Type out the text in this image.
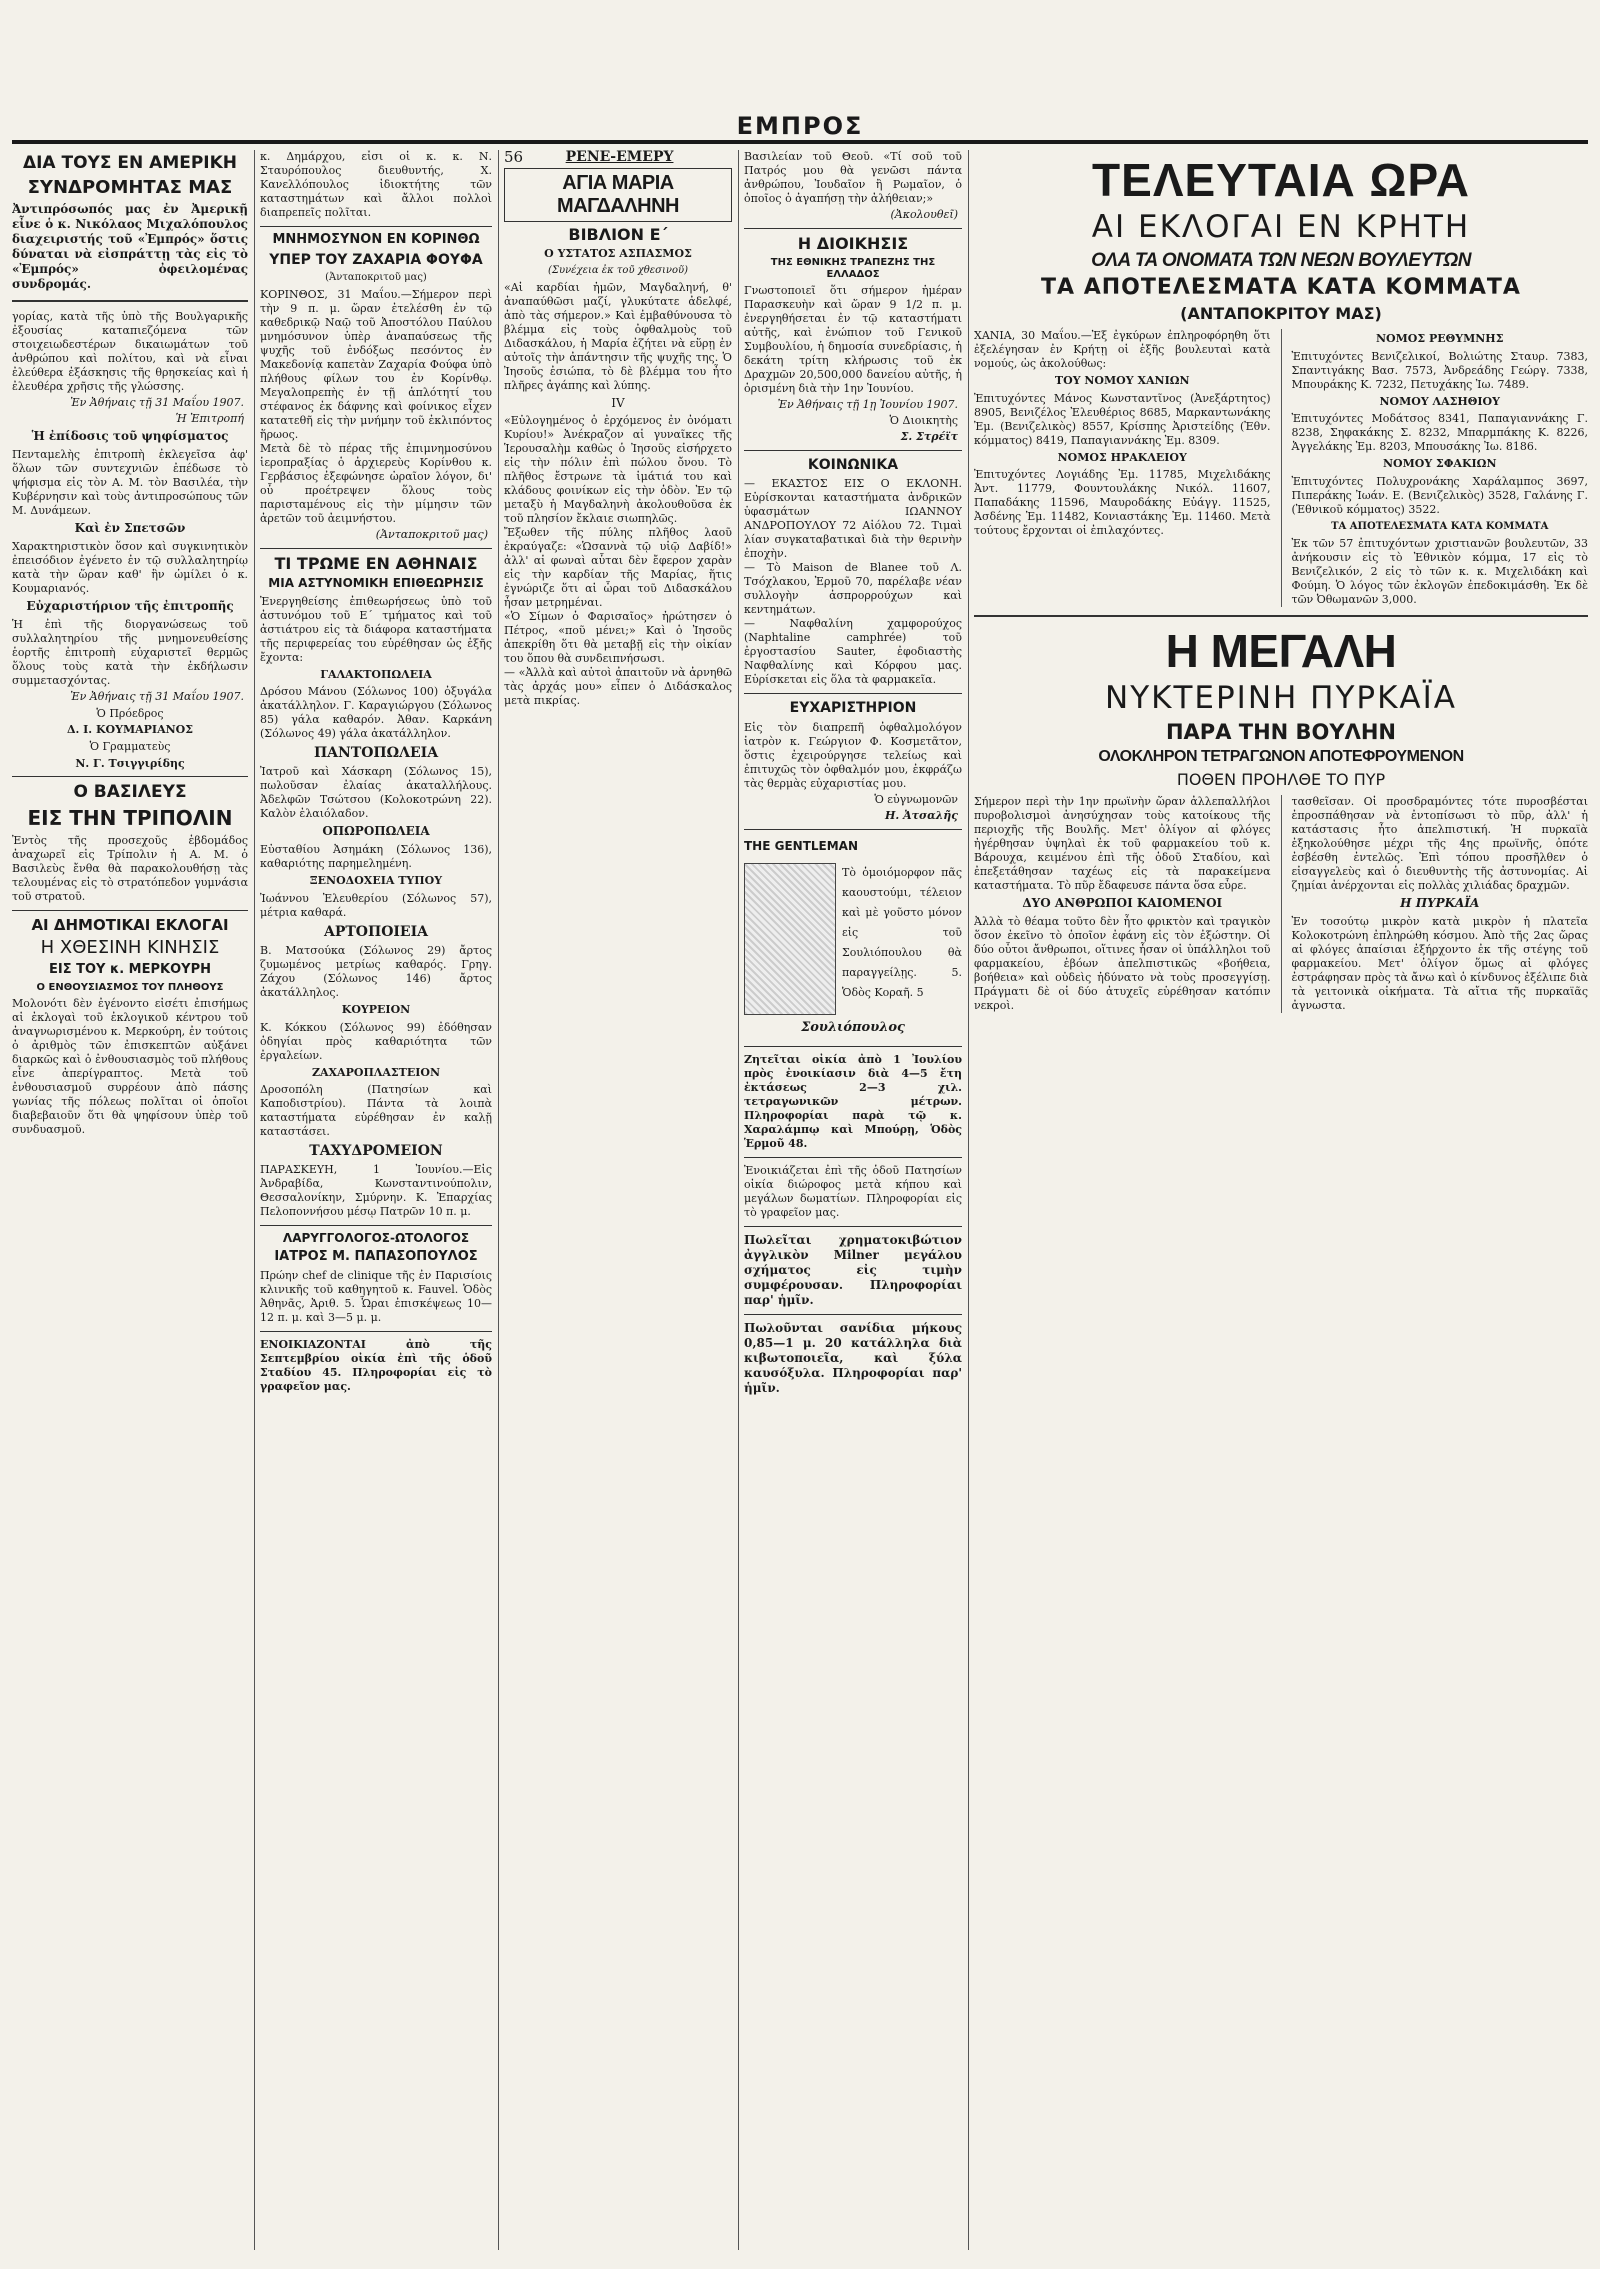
ΕΜΠΡΟΣ
ΔΙΑ ΤΟΥΣ ΕΝ ΑΜΕΡΙΚΗ
ΣΥΝΔΡΟΜΗΤΑΣ ΜΑΣ

Ἀντιπρόσωπός μας ἐν Ἀμερικῇ εἶνε ὁ κ. Νικόλαος Μιχαλόπουλος διαχειριστής τοῦ «Ἐμπρός» ὅστις δύναται νὰ εἰσπράττῃ τὰς εἰς τὸ «Ἐμπρός» ὀφειλομένας συνδρομάς.

γορίας, κατὰ τῆς ὑπὸ τῆς Βουλγαρικῆς ἐξουσίας καταπιεζόμενα τῶν στοιχειωδεστέρων δικαιωμάτων τοῦ ἀνθρώπου καὶ πολίτου, καὶ νὰ εἶναι ἐλεύθερα ἐξάσκησις τῆς θρησκείας καὶ ἡ ἐλευθέρα χρῆσις τῆς γλώσσης.

Ἐν Ἀθήναις τῇ 31 Μαΐου 1907.
Ἡ Ἐπιτροπή
Ἡ ἐπίδοσις τοῦ ψηφίσματος

Πενταμελὴς ἐπιτροπὴ ἐκλεγεῖσα ἀφ' ὅλων τῶν συντεχνιῶν ἐπέδωσε τὸ ψήφισμα εἰς τὸν Α. Μ. τὸν Βασιλέα, τὴν Κυβέρνησιν καὶ τοὺς ἀντιπροσώπους τῶν Μ. Δυνάμεων.

Καὶ ἐν Σπετσῶν

Χαρακτηριστικὸν ὅσον καὶ συγκινητικὸν ἐπεισόδιον ἐγένετο ἐν τῷ συλλαλητηρίῳ κατὰ τὴν ὥραν καθ' ἣν ὡμίλει ὁ κ. Κουμαριανός.

Εὐχαριστήριον τῆς ἐπιτροπῆς

Ἡ ἐπὶ τῆς διοργανώσεως τοῦ συλλαλητηρίου τῆς μνημονευθείσης ἑορτῆς ἐπιτροπὴ εὐχαριστεῖ θερμῶς ὅλους τοὺς κατὰ τὴν ἐκδήλωσιν συμμετασχόντας.

Ἐν Ἀθήναις τῇ 31 Μαΐου 1907.
Ὁ Πρόεδρος
Δ. Ι. ΚΟΥΜΑΡΙΑΝΟΣ
Ὁ Γραμματεὺς
Ν. Γ. Τσιγγιρίδης
Ο ΒΑΣΙΛΕΥΣ
ΕΙΣ ΤΗΝ ΤΡΙΠΟΛΙΝ

Ἐντὸς τῆς προσεχοῦς ἑβδομάδος ἀναχωρεῖ εἰς Τρίπολιν ἡ Α. Μ. ὁ Βασιλεὺς ἔνθα θὰ παρακολουθήσῃ τὰς τελουμένας εἰς τὸ στρατόπεδον γυμνάσια τοῦ στρατοῦ.

ΑΙ ΔΗΜΟΤΙΚΑΙ ΕΚΛΟΓΑΙ
Η ΧΘΕΣΙΝΗ ΚΙΝΗΣΙΣ
ΕΙΣ ΤΟΥ κ. ΜΕΡΚΟΥΡΗ
Ο ΕΝΘΟΥΣΙΑΣΜΟΣ ΤΟΥ ΠΛΗΘΟΥΣ

Μολονότι δὲν ἐγένοντο εἰσέτι ἐπισήμως αἱ ἐκλογαὶ τοῦ ἐκλογικοῦ κέντρου τοῦ ἀναγνωρισμένου κ. Μερκούρη, ἐν τούτοις ὁ ἀριθμὸς τῶν ἐπισκεπτῶν αὐξάνει διαρκῶς καὶ ὁ ἐνθουσιασμὸς τοῦ πλήθους εἶνε ἀπερίγραπτος. Μετὰ τοῦ ἐνθουσιασμοῦ συρρέουν ἀπὸ πάσης γωνίας τῆς πόλεως πολῖται οἱ ὁποῖοι διαβεβαιοῦν ὅτι θὰ ψηφίσουν ὑπὲρ τοῦ συνδυασμοῦ.

κ. Δημάρχου, εἶσι οἱ κ. κ. Ν. Σταυρόπουλος διευθυντής, Χ. Κανελλόπουλος ἰδιοκτήτης τῶν καταστημάτων καὶ ἄλλοι πολλοὶ διαπρεπεῖς πολῖται.

ΜΝΗΜΟΣΥΝΟΝ ΕΝ ΚΟΡΙΝΘΩ
ΥΠΕΡ ΤΟΥ ΖΑΧΑΡΙΑ ΦΟΥΦΑ
(Ἀνταποκριτοῦ μας)

ΚΟΡΙΝΘΟΣ, 31 Μαΐου.—Σήμερον περὶ τὴν 9 π. μ. ὥραν ἐτελέσθη ἐν τῷ καθεδρικῷ Ναῷ τοῦ Ἀποστόλου Παύλου μνημόσυνον ὑπὲρ ἀναπαύσεως τῆς ψυχῆς τοῦ ἐνδόξως πεσόντος ἐν Μακεδονίᾳ καπετὰν Ζαχαρία Φούφα ὑπὸ πλήθους φίλων του ἐν Κορίνθῳ. Μεγαλοπρεπὴς ἐν τῇ ἁπλότητί του στέφανος ἐκ δάφνης καὶ φοίνικος εἶχεν κατατεθῆ εἰς τὴν μνήμην τοῦ ἐκλιπόντος ἥρωος.

Μετὰ δὲ τὸ πέρας τῆς ἐπιμνημοσύνου ἱεροπραξίας ὁ ἀρχιερεὺς Κορίνθου κ. Γερβάσιος ἐξεφώνησε ὡραῖον λόγον, δι' οὗ προέτρεψεν ὅλους τοὺς παρισταμένους εἰς τὴν μίμησιν τῶν ἀρετῶν τοῦ ἀειμνήστου.

(Ἀνταποκριτοῦ μας)
ΤΙ ΤΡΩΜΕ ΕΝ ΑΘΗΝΑΙΣ
ΜΙΑ ΑΣΤΥΝΟΜΙΚΗ ΕΠΙΘΕΩΡΗΣΙΣ

Ἐνεργηθείσης ἐπιθεωρήσεως ὑπὸ τοῦ ἀστυνόμου τοῦ Ε΄ τμήματος καὶ τοῦ ἀστιάτρου εἰς τὰ διάφορα καταστήματα τῆς περιφερείας του εὑρέθησαν ὡς ἑξῆς ἔχοντα:

ΓΑΛΑΚΤΟΠΩΛΕΙΑ

Δρόσου Μάνου (Σόλωνος 100) ὀξυγάλα ἀκατάλληλον. Γ. Καραγιώργου (Σόλωνος 85) γάλα καθαρόν. Ἀθαν. Καρκάνη (Σόλωνος 49) γάλα ἀκατάλληλον.

ΠΑΝΤΟΠΩΛΕΙΑ

Ἰατροῦ καὶ Χάσκαρη (Σόλωνος 15), πωλοῦσαν ἐλαίας ἀκαταλλήλους. Ἀδελφῶν Τσώτσου (Κολοκοτρώνη 22). Καλὸν ἐλαιόλαδον.

ΟΠΩΡΟΠΩΛΕΙΑ

Εὐσταθίου Ἀσημάκη (Σόλωνος 136), καθαριότης παρημελημένη.

ΞΕΝΟΔΟΧΕΙΑ ΤΥΠΟΥ

Ἰωάννου Ἐλευθερίου (Σόλωνος 57), μέτρια καθαρά.

ΑΡΤΟΠΟΙΕΙΑ

Β. Ματσούκα (Σόλωνος 29) ἄρτος ζυμωμένος μετρίως καθαρός. Γρηγ. Ζάχου (Σόλωνος 146) ἄρτος ἀκατάλληλος.

ΚΟΥΡΕΙΟΝ

Κ. Κόκκου (Σόλωνος 99) ἐδόθησαν ὁδηγίαι πρὸς καθαριότητα τῶν ἐργαλείων.

ΖΑΧΑΡΟΠΛΑΣΤΕΙΟΝ

Δροσοπόλη (Πατησίων καὶ Καποδιστρίου). Πάντα τὰ λοιπὰ καταστήματα εὑρέθησαν ἐν καλῇ καταστάσει.

ΤΑΧΥΔΡΟΜΕΙΟΝ

ΠΑΡΑΣΚΕΥΗ, 1 Ἰουνίου.—Εἰς Ἀνδραβίδα, Κωνσταντινούπολιν, Θεσσαλονίκην, Σμύρνην. Κ. Ἐπαρχίας Πελοποννήσου μέσῳ Πατρῶν 10 π. μ.

ΛΑΡΥΓΓΟΛΟΓΟΣ-ΩΤΟΛΟΓΟΣ
ΙΑΤΡΟΣ Μ. ΠΑΠΑΣΟΠΟΥΛΟΣ

Πρώην chef de clinique τῆς ἐν Παρισίοις κλινικῆς τοῦ καθηγητοῦ κ. Fauvel. Ὁδὸς Ἀθηνᾶς, Ἀριθ. 5. Ὧραι ἐπισκέψεως 10—12 π. μ. καὶ 3—5 μ. μ.

ΕΝΟΙΚΙΑΖΟΝΤΑΙ ἀπὸ τῆς Σεπτεμβρίου οἰκία ἐπὶ τῆς ὁδοῦ Σταδίου 45. Πληροφορίαι εἰς τὸ γραφεῖον μας.

56	ΡΕΝΕ-ΕΜΕΡΥ
ΑΓΙΑ ΜΑΡΙΑ ΜΑΓΔΑΛΗΝΗ
ΒΙΒΛΙΟΝ Ε΄
Ο ΥΣΤΑΤΟΣ ΑΣΠΑΣΜΟΣ
(Συνέχεια ἐκ τοῦ χθεσινοῦ)

«Αἱ καρδίαι ἡμῶν, Μαγδαληνή, θ' ἀναπαύθῶσι μαζί, γλυκύτατε ἀδελφέ, ἀπὸ τὰς σήμερον.» Καὶ ἐμβαθύνουσα τὸ βλέμμα εἰς τοὺς ὀφθαλμοὺς τοῦ Διδασκάλου, ἡ Μαρία ἐζήτει νὰ εὕρῃ ἐν αὐτοῖς τὴν ἀπάντησιν τῆς ψυχῆς της. Ὁ Ἰησοῦς ἐσιώπα, τὸ δὲ βλέμμα του ἦτο πλῆρες ἀγάπης καὶ λύπης.

IV

«Εὐλογημένος ὁ ἐρχόμενος ἐν ὀνόματι Κυρίου!» Ἀνέκραζον αἱ γυναῖκες τῆς Ἱερουσαλὴμ καθὼς ὁ Ἰησοῦς εἰσήρχετο εἰς τὴν πόλιν ἐπὶ πώλου ὄνου. Τὸ πλῆθος ἔστρωνε τὰ ἱμάτιά του καὶ κλάδους φοινίκων εἰς τὴν ὁδὸν. Ἐν τῷ μεταξὺ ἡ Μαγδαληνὴ ἀκολουθοῦσα ἐκ τοῦ πλησίον ἔκλαιε σιωπηλῶς.

Ἔξωθεν τῆς πύλης πλῆθος λαοῦ ἐκραύγαζε: «Ὡσαννὰ τῷ υἱῷ Δαβίδ!» ἀλλ' αἱ φωναὶ αὗται δὲν ἔφερον χαρὰν εἰς τὴν καρδίαν τῆς Μαρίας, ἥτις ἐγνώριζε ὅτι αἱ ὧραι τοῦ Διδασκάλου ἦσαν μετρημέναι.

«Ὁ Σίμων ὁ Φαρισαῖος» ἠρώτησεν ὁ Πέτρος, «ποῦ μένει;» Καὶ ὁ Ἰησοῦς ἀπεκρίθη ὅτι θὰ μεταβῇ εἰς τὴν οἰκίαν του ὅπου θὰ συνδειπνήσωσι.

— «Ἀλλὰ καὶ αὐτοὶ ἀπαιτοῦν νὰ ἀρνηθῶ τὰς ἀρχάς μου» εἶπεν ὁ Διδάσκαλος μετὰ πικρίας.

Βασιλείαν τοῦ Θεοῦ. «Τί σοῦ τοῦ Πατρός μου θὰ γενῶσι πάντα ἀνθρώπου, Ἰουδαῖον ἢ Ρωμαῖον, ὁ ὁποῖος ὁ ἀγαπήσῃ τὴν ἀλήθειαν;»

(Ἀκολουθεῖ)
Η ΔΙΟΙΚΗΣΙΣ
ΤΗΣ ΕΘΝΙΚΗΣ ΤΡΑΠΕΖΗΣ ΤΗΣ ΕΛΛΑΔΟΣ

Γνωστοποιεῖ ὅτι σήμερον ἡμέραν Παρασκευὴν καὶ ὥραν 9 1/2 π. μ. ἐνεργηθήσεται ἐν τῷ καταστήματι αὐτῆς, καὶ ἐνώπιον τοῦ Γενικοῦ Συμβουλίου, ἡ δημοσία συνεδρίασις, ἡ δεκάτη τρίτη κλήρωσις τοῦ ἐκ Δραχμῶν 20,500,000 δανείου αὐτῆς, ἡ ὁρισμένη διὰ τὴν 1ην Ἰουνίου.

Ἐν Ἀθήναις τῇ 1ῃ Ἰουνίου 1907.
Ὁ Διοικητὴς
Σ. Στρέϊτ
ΚΟΙΝΩΝΙΚΑ

— ΕΚΑΣΤΟΣ ΕΙΣ Ο ΕΚΛΟΝΗ. Εὑρίσκονται καταστήματα ἀνδρικῶν ὑφασμάτων ΙΩΑΝΝΟΥ ΑΝΔΡΟΠΟΥΛΟΥ 72 Αἰόλου 72. Τιμαὶ λίαν συγκαταβατικαὶ διὰ τὴν θερινὴν ἐποχὴν.

— Τὸ Maison de Blanee τοῦ Λ. Τσόχλακου, Ἑρμοῦ 70, παρέλαβε νέαν συλλογὴν ἀσπρορρούχων καὶ κεντημάτων.

— Ναφθαλίνη χαμφορούχος (Naphtaline camphrée) τοῦ ἐργοστασίου Sauter, ἐφοδιαστὴς Ναφθαλίνης καὶ Κόρφου μας. Εὑρίσκεται εἰς ὅλα τὰ φαρμακεῖα.

ΕΥΧΑΡΙΣΤΗΡΙΟΝ

Εἰς τὸν διαπρεπῆ ὀφθαλμολόγον ἰατρὸν κ. Γεώργιον Φ. Κοσμετᾶτον, ὅστις ἐχειρούργησε τελείως καὶ ἐπιτυχῶς τὸν ὀφθαλμόν μου, ἐκφράζω τὰς θερμὰς εὐχαριστίας μου.

Ὁ εὐγνωμονῶν
Η. Ἀτσαλῆς
THE GENTLEMAN
Τὸ ὁμοιόμορφον πᾶς καουστούμι, τέλειον καὶ μὲ γοῦστο μόνον εἰς τοῦ Σουλιόπουλου θὰ παραγγείλῃς. 5. Ὁδὸς Κοραῆ. 5
Σουλιόπουλος

Ζητεῖται οἰκία ἀπὸ 1 Ἰουλίου πρὸς ἐνοικίασιν διὰ 4—5 ἔτη ἐκτάσεως 2—3 χιλ. τετραγωνικῶν μέτρων. Πληροφορίαι παρὰ τῷ κ. Χαραλάμπῳ καὶ Μπούρῃ, Ὁδὸς Ἑρμοῦ 48.

Ἐνοικιάζεται ἐπὶ τῆς ὁδοῦ Πατησίων οἰκία διώροφος μετὰ κήπου καὶ μεγάλων δωματίων. Πληροφορίαι εἰς τὸ γραφεῖον μας.

Πωλεῖται χρηματοκιβώτιον ἀγγλικὸν Milner μεγάλου σχήματος εἰς τιμὴν συμφέρουσαν. Πληροφορίαι παρ' ἡμῖν.

Πωλοῦνται σανίδια μήκους 0,85—1 μ. 20 κατάλληλα διὰ κιβωτοποιεῖα, καὶ ξύλα καυσόξυλα. Πληροφορίαι παρ' ἡμῖν.

ΤΕΛΕΥΤΑΙΑ ΩΡΑ
ΑΙ ΕΚΛΟΓΑΙ ΕΝ ΚΡΗΤΗ
ΟΛΑ ΤΑ ΟΝΟΜΑΤΑ ΤΩΝ ΝΕΩΝ ΒΟΥΛΕΥΤΩΝ
ΤΑ ΑΠΟΤΕΛΕΣΜΑΤΑ ΚΑΤΑ ΚΟΜΜΑΤΑ
(ΑΝΤΑΠΟΚΡΙΤΟΥ ΜΑΣ)

ΧΑΝΙΑ, 30 Μαΐου.—Ἐξ ἐγκύρων ἐπληροφόρηθη ὅτι ἐξελέγησαν ἐν Κρήτῃ οἱ ἑξῆς βουλευταὶ κατὰ νομούς, ὡς ἀκολούθως:

ΤΟΥ ΝΟΜΟΥ ΧΑΝΙΩΝ

Ἐπιτυχόντες Μάνος Κωνσταντῖνος (Ἀνεξάρτητος) 8905, Βενιζέλος Ἐλευθέριος 8685, Μαρκαντωνάκης Ἐμ. (Βενιζελικὸς) 8557, Κρίσπης Ἀριστείδης (Ἐθν. κόμματος) 8419, Παπαγιαννάκης Ἐμ. 8309.

ΝΟΜΟΣ ΗΡΑΚΛΕΙΟΥ

Ἐπιτυχόντες Λογιάδης Ἐμ. 11785, Μιχελιδάκης Ἀντ. 11779, Φουντουλάκης Νικόλ. 11607, Παπαδάκης 11596, Μαυροδάκης Εὐάγγ. 11525, Ἀσδένης Ἐμ. 11482, Κονιαστάκης Ἐμ. 11460. Μετὰ τούτους ἔρχονται οἱ ἐπιλαχόντες.

ΝΟΜΟΣ ΡΕΘΥΜΝΗΣ

Ἐπιτυχόντες Βενιζελικοί, Βολιώτης Σταυρ. 7383, Σπαντιγάκης Βασ. 7573, Ἀνδρεάδης Γεώργ. 7338, Μπουράκης Κ. 7232, Πετυχάκης Ἰω. 7489.

ΝΟΜΟΥ ΛΑΣΗΘΙΟΥ

Ἐπιτυχόντες Μοδάτσος 8341, Παπαγιαννάκης Γ. 8238, Σηφακάκης Σ. 8232, Μπαρμπάκης Κ. 8226, Ἀγγελάκης Ἐμ. 8203, Μπουσάκης Ἰω. 8186.

ΝΟΜΟΥ ΣΦΑΚΙΩΝ

Ἐπιτυχόντες Πολυχρονάκης Χαράλαμπος 3697, Πιπεράκης Ἰωάν. Ε. (Βενιζελικὸς) 3528, Γαλάνης Γ. (Ἐθνικοῦ κόμματος) 3522.

ΤΑ ΑΠΟΤΕΛΕΣΜΑΤΑ ΚΑΤΑ ΚΟΜΜΑΤΑ

Ἐκ τῶν 57 ἐπιτυχόντων χριστιανῶν βουλευτῶν, 33 ἀνήκουσιν εἰς τὸ Ἐθνικὸν κόμμα, 17 εἰς τὸ Βενιζελικόν, 2 εἰς τὸ τῶν κ. κ. Μιχελιδάκη καὶ Φούμη. Ὁ λόγος τῶν ἐκλογῶν ἐπεδοκιμάσθη. Ἐκ δὲ τῶν Ὀθωμανῶν 3,000.

Η ΜΕΓΑΛΗ
ΝΥΚΤΕΡΙΝΗ ΠΥΡΚΑΪΑ
ΠΑΡΑ ΤΗΝ ΒΟΥΛΗΝ
ΟΛΟΚΛΗΡΟΝ ΤΕΤΡΑΓΩΝΟΝ ΑΠΟΤΕΦΡΟΥΜΕΝΟΝ
ΠΟΘΕΝ ΠΡΟΗΛΘΕ ΤΟ ΠΥΡ

Σήμερον περὶ τὴν 1ην πρωϊνὴν ὥραν ἀλλεπαλλήλοι πυροβολισμοὶ ἀνησύχησαν τοὺς κατοίκους τῆς περιοχῆς τῆς Βουλῆς. Μετ' ὀλίγον αἱ φλόγες ἠγέρθησαν ὑψηλαὶ ἐκ τοῦ φαρμακείου τοῦ κ. Βάρουχα, κειμένου ἐπὶ τῆς ὁδοῦ Σταδίου, καὶ ἐπεξετάθησαν ταχέως εἰς τὰ παρακείμενα καταστήματα. Τὸ πῦρ ἔδαφευσε πάντα ὅσα εὗρε.

ΔΥΟ ΑΝΘΡΩΠΟΙ ΚΑΙΟΜΕΝΟΙ

Ἀλλὰ τὸ θέαμα τοῦτο δὲν ἦτο φρικτὸν καὶ τραγικὸν ὅσον ἐκεῖνο τὸ ὁποῖον ἐφάνη εἰς τὸν ἐξώστην. Οἱ δύο οὗτοι ἄνθρωποι, οἵτινες ἦσαν οἱ ὑπάλληλοι τοῦ φαρμακείου, ἐβόων ἀπελπιστικῶς «βοήθεια, βοήθεια» καὶ οὐδεὶς ἠδύνατο νὰ τοὺς προσεγγίσῃ. Πράγματι δὲ οἱ δύο ἀτυχεῖς εὑρέθησαν κατόπιν νεκροὶ.

τασθεῖσαν. Οἱ προσδραμόντες τότε πυροσβέσται ἐπροσπάθησαν νὰ ἐντοπίσωσι τὸ πῦρ, ἀλλ' ἡ κατάστασις ἦτο ἀπελπιστική. Ἡ πυρκαϊὰ ἐξηκολούθησε μέχρι τῆς 4ης πρωϊνῆς, ὁπότε ἐσβέσθη ἐντελῶς. Ἐπὶ τόπου προσῆλθεν ὁ εἰσαγγελεὺς καὶ ὁ διευθυντὴς τῆς ἀστυνομίας. Αἱ ζημίαι ἀνέρχονται εἰς πολλὰς χιλιάδας δραχμῶν.

Η ΠΥΡΚΑΪΑ

Ἐν τοσούτῳ μικρὸν κατὰ μικρὸν ἡ πλατεῖα Κολοκοτρώνη ἐπληρώθη κόσμου. Ἀπὸ τῆς 2ας ὥρας αἱ φλόγες ἀπαίσιαι ἐξήρχοντο ἐκ τῆς στέγης τοῦ φαρμακείου. Μετ' ὀλίγον ὅμως αἱ φλόγες ἐστράφησαν πρὸς τὰ ἄνω καὶ ὁ κίνδυνος ἐξέλιπε διὰ τὰ γειτονικὰ οἰκήματα. Τὰ αἴτια τῆς πυρκαϊᾶς ἀγνωστα.
